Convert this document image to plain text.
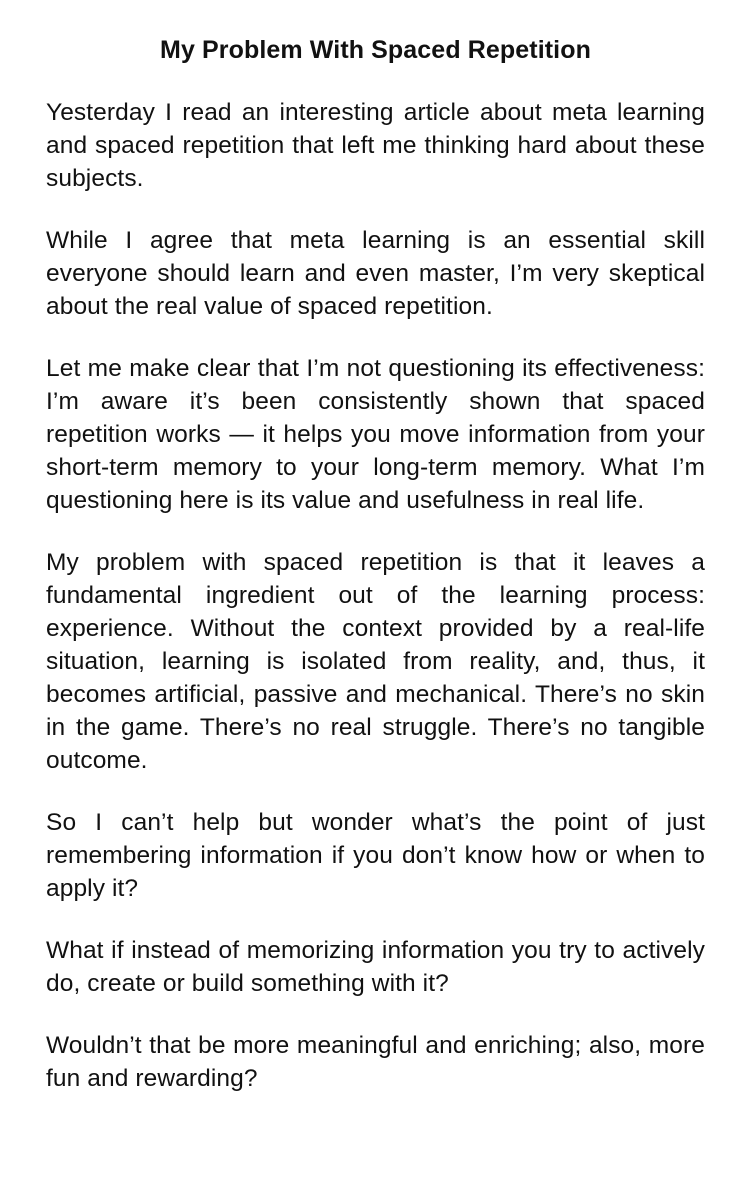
My Problem With Spaced Repetition

Yesterday I read an interesting article about meta learning and spaced repetition that left me thinking hard about these subjects.

While I agree that meta learning is an essential skill everyone should learn and even master, I’m very skeptical about the real value of spaced repetition.

Let me make clear that I’m not questioning its effectiveness: I’m aware it’s been consistently shown that spaced repetition works — it helps you move information from your short-term memory to your long-term memory. What I’m questioning here is its value and usefulness in real life.

My problem with spaced repetition is that it leaves a fundamental ingredient out of the learning process: experience. Without the context provided by a real-life situation, learning is isolated from reality, and, thus, it becomes artificial, passive and mechanical. There’s no skin in the game. There’s no real struggle. There’s no tangible outcome.

So I can’t help but wonder what’s the point of just remembering information if you don’t know how or when to apply it?

What if instead of memorizing information you try to actively do, create or build something with it?

Wouldn’t that be more meaningful and enriching; also, more fun and rewarding?
